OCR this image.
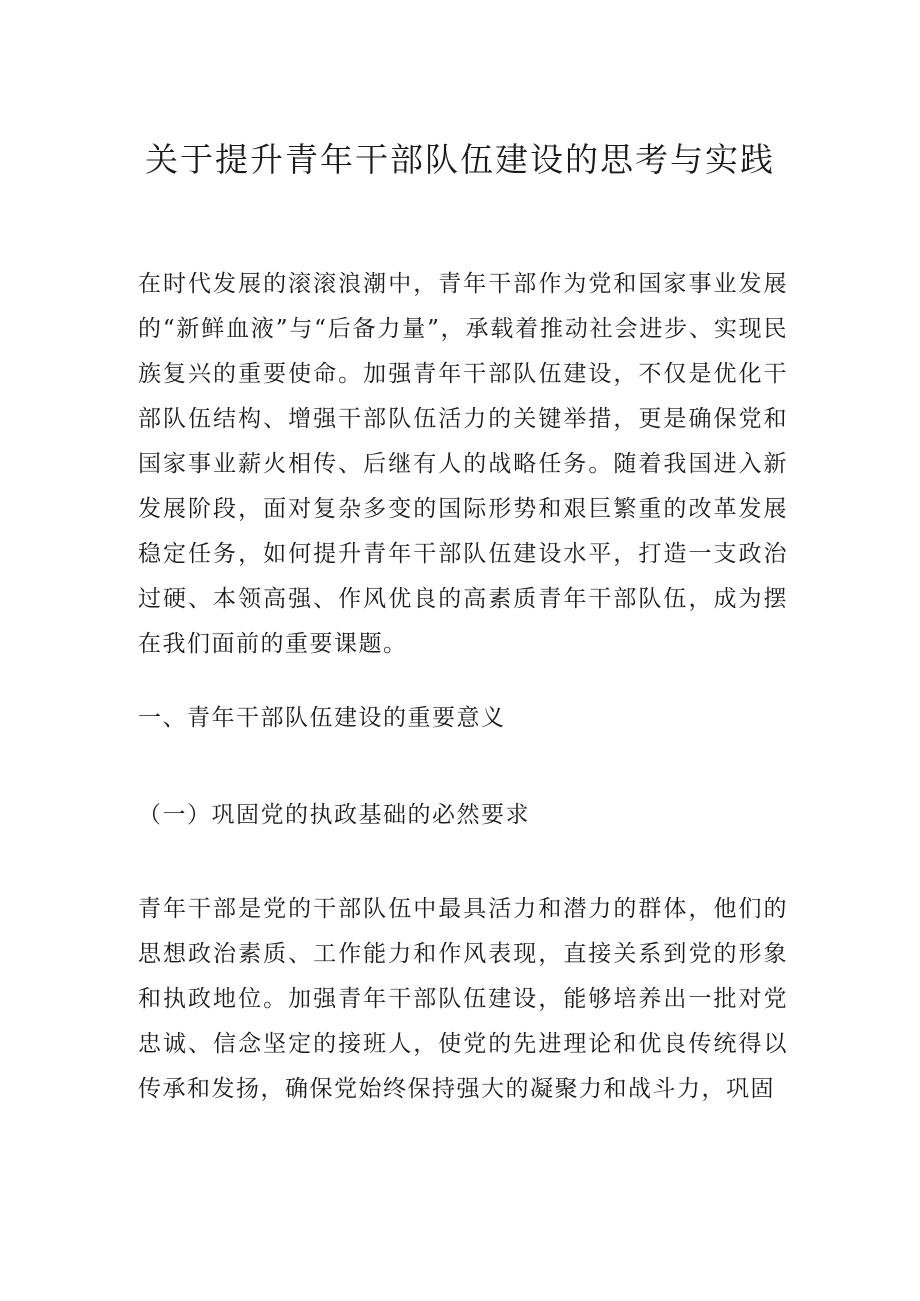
关于提升青年干部队伍建设的思考与实践

在时代发展的滚滚浪潮中，青年干部作为党和国家事业发展的“新鲜血液”与“后备力量”，承载着推动社会进步、实现民族复兴的重要使命。加强青年干部队伍建设，不仅是优化干部队伍结构、增强干部队伍活力的关键举措，更是确保党和国家事业薪火相传、后继有人的战略任务。随着我国进入新发展阶段，面对复杂多变的国际形势和艰巨繁重的改革发展稳定任务，如何提升青年干部队伍建设水平，打造一支政治过硬、本领高强、作风优良的高素质青年干部队伍，成为摆在我们面前的重要课题。

一、青年干部队伍建设的重要意义
（一）巩固党的执政基础的必然要求

青年干部是党的干部队伍中最具活力和潜力的群体，他们的思想政治素质、工作能力和作风表现，直接关系到党的形象和执政地位。加强青年干部队伍建设，能够培养出一批对党忠诚、信念坚定的接班人，使党的先进理论和优良传统得以传承和发扬，确保党始终保持强大的凝聚力和战斗力，巩固
